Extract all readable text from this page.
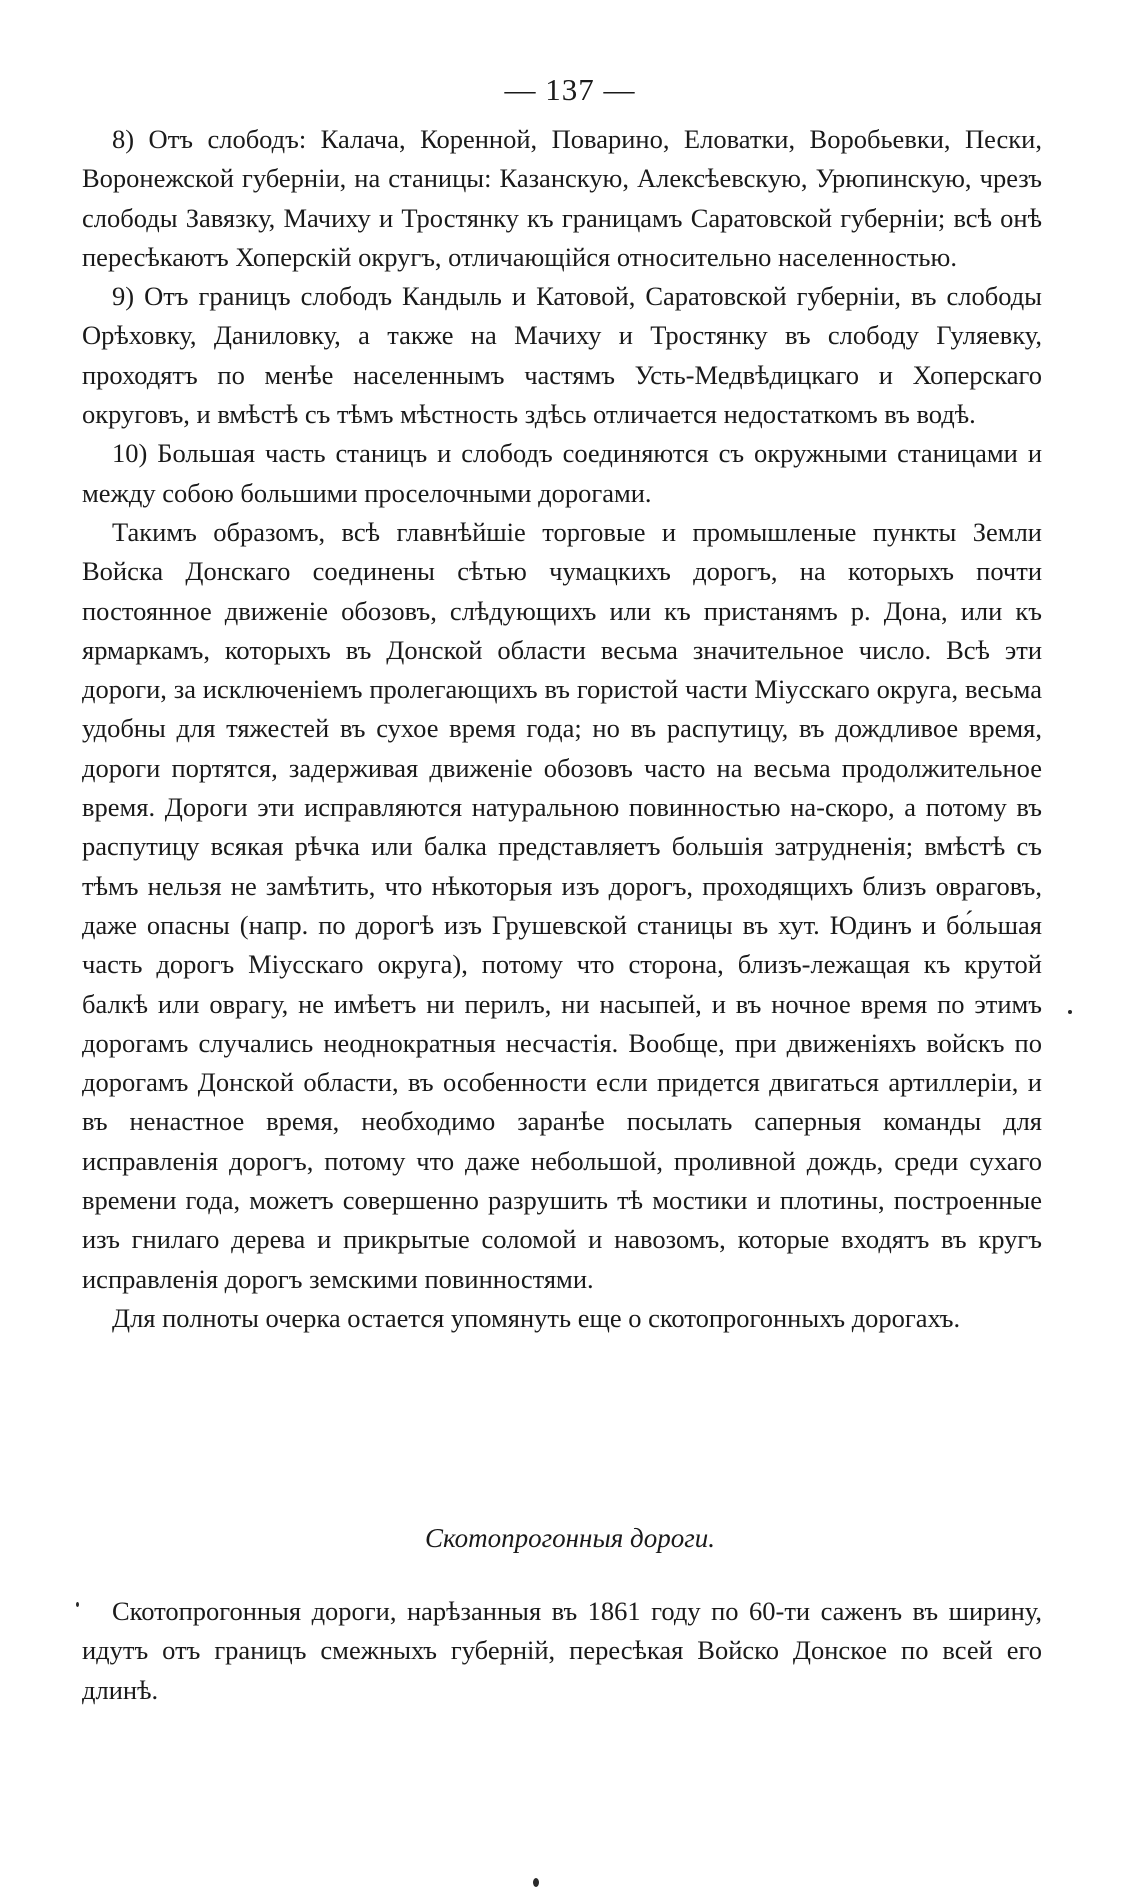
— 137 —

8) Отъ слободъ: Калача, Коренной, Поварино, Еловатки, Воробьевки, Пески, Воронежской губерніи, на станицы: Казанскую, Алексѣевскую, Урюпинскую, чрезъ слободы Завязку, Мачиху и Тростянку къ границамъ Саратовской губерніи; всѣ онѣ пересѣкаютъ Хоперскій округъ, отличающійся относительно населенностью.

9) Отъ границъ слободъ Кандыль и Катовой, Саратовской губерніи, въ слободы Орѣховку, Даниловку, а также на Мачиху и Тростянку въ слободу Гуляевку, проходятъ по менѣе населеннымъ частямъ Усть-Медвѣдицкаго и Хоперскаго округовъ, и вмѣстѣ съ тѣмъ мѣстность здѣсь отличается недостаткомъ въ водѣ.

10) Большая часть станицъ и слободъ соединяются съ окружными станицами и между собою большими проселочными дорогами.

Такимъ образомъ, всѣ главнѣйшіе торговые и промышленые пункты Земли Войска Донскаго соединены сѣтью чумацкихъ дорогъ, на которыхъ почти постоянное движеніе обозовъ, слѣдующихъ или къ пристанямъ р. Дона, или къ ярмаркамъ, которыхъ въ Донской области весьма значительное число. Всѣ эти дороги, за исключеніемъ пролегающихъ въ гористой части Міусскаго округа, весьма удобны для тяжестей въ сухое время года; но въ распутицу, въ дождливое время, дороги портятся, задерживая движеніе обозовъ часто на весьма продолжительное время. Дороги эти исправляются натуральною повинностью на-скоро, а потому въ распутицу всякая рѣчка или балка представляетъ большія затрудненія; вмѣстѣ съ тѣмъ нельзя не замѣтить, что нѣкоторыя изъ дорогъ, проходящихъ близъ овраговъ, даже опасны (напр. по дорогѣ изъ Грушевской станицы въ хут. Юдинъ и бо́льшая часть дорогъ Міусскаго округа), потому что сторона, близъ-лежащая къ крутой балкѣ или оврагу, не имѣетъ ни перилъ, ни насыпей, и въ ночное время по этимъ дорогамъ случались неоднократныя несчастія. Вообще, при движеніяхъ войскъ по дорогамъ Донской области, въ особенности если придется двигаться артиллеріи, и въ ненастное время, необходимо заранѣе посылать саперныя команды для исправленія дорогъ, потому что даже небольшой, проливной дождь, среди сухаго времени года, можетъ совершенно разрушить тѣ мостики и плотины, построенные изъ гнилаго дерева и прикрытые соломой и навозомъ, которые входятъ въ кругъ исправленія дорогъ земскими повинностями.

Для полноты очерка остается упомянуть еще о скотопрогонныхъ дорогахъ.

Скотопрогонныя дороги.

Скотопрогонныя дороги, нарѣзанныя въ 1861 году по 60-ти саженъ въ ширину, идутъ отъ границъ смежныхъ губерній, пересѣкая Войско Донское по всей его длинѣ.
